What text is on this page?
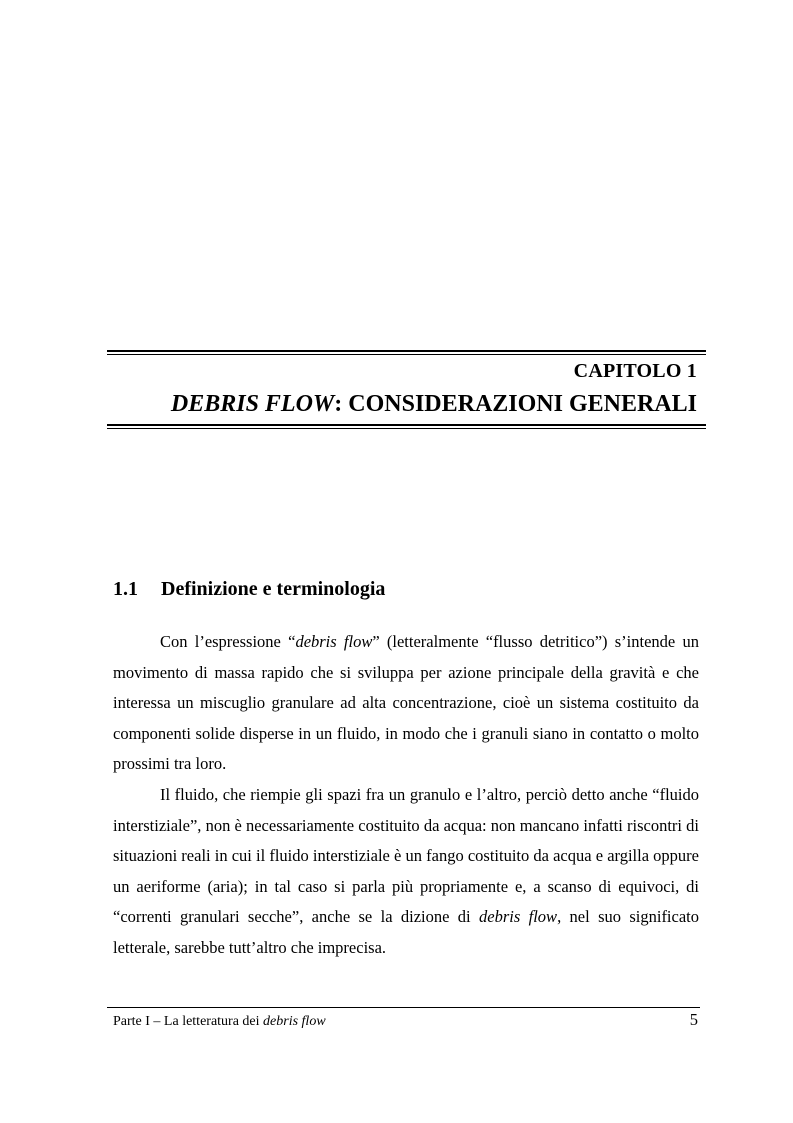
CAPITOLO 1
DEBRIS FLOW: CONSIDERAZIONI GENERALI
1.1 Definizione e terminologia
Con l’espressione “debris flow” (letteralmente “flusso detritico”) s’intende un movimento di massa rapido che si sviluppa per azione principale della gravità e che interessa un miscuglio granulare ad alta concentrazione, cioè un sistema costituito da componenti solide disperse in un fluido, in modo che i granuli siano in contatto o molto prossimi tra loro.
Il fluido, che riempie gli spazi fra un granulo e l’altro, perciò detto anche “fluido interstiziale”, non è necessariamente costituito da acqua: non mancano infatti riscontri di situazioni reali in cui il fluido interstiziale è un fango costituito da acqua e argilla oppure un aeriforme (aria); in tal caso si parla più propriamente e, a scanso di equivoci, di “correnti granulari secche”, anche se la dizione di debris flow, nel suo significato letterale, sarebbe tutt’altro che imprecisa.
Parte I – La letteratura dei debris flow	5
